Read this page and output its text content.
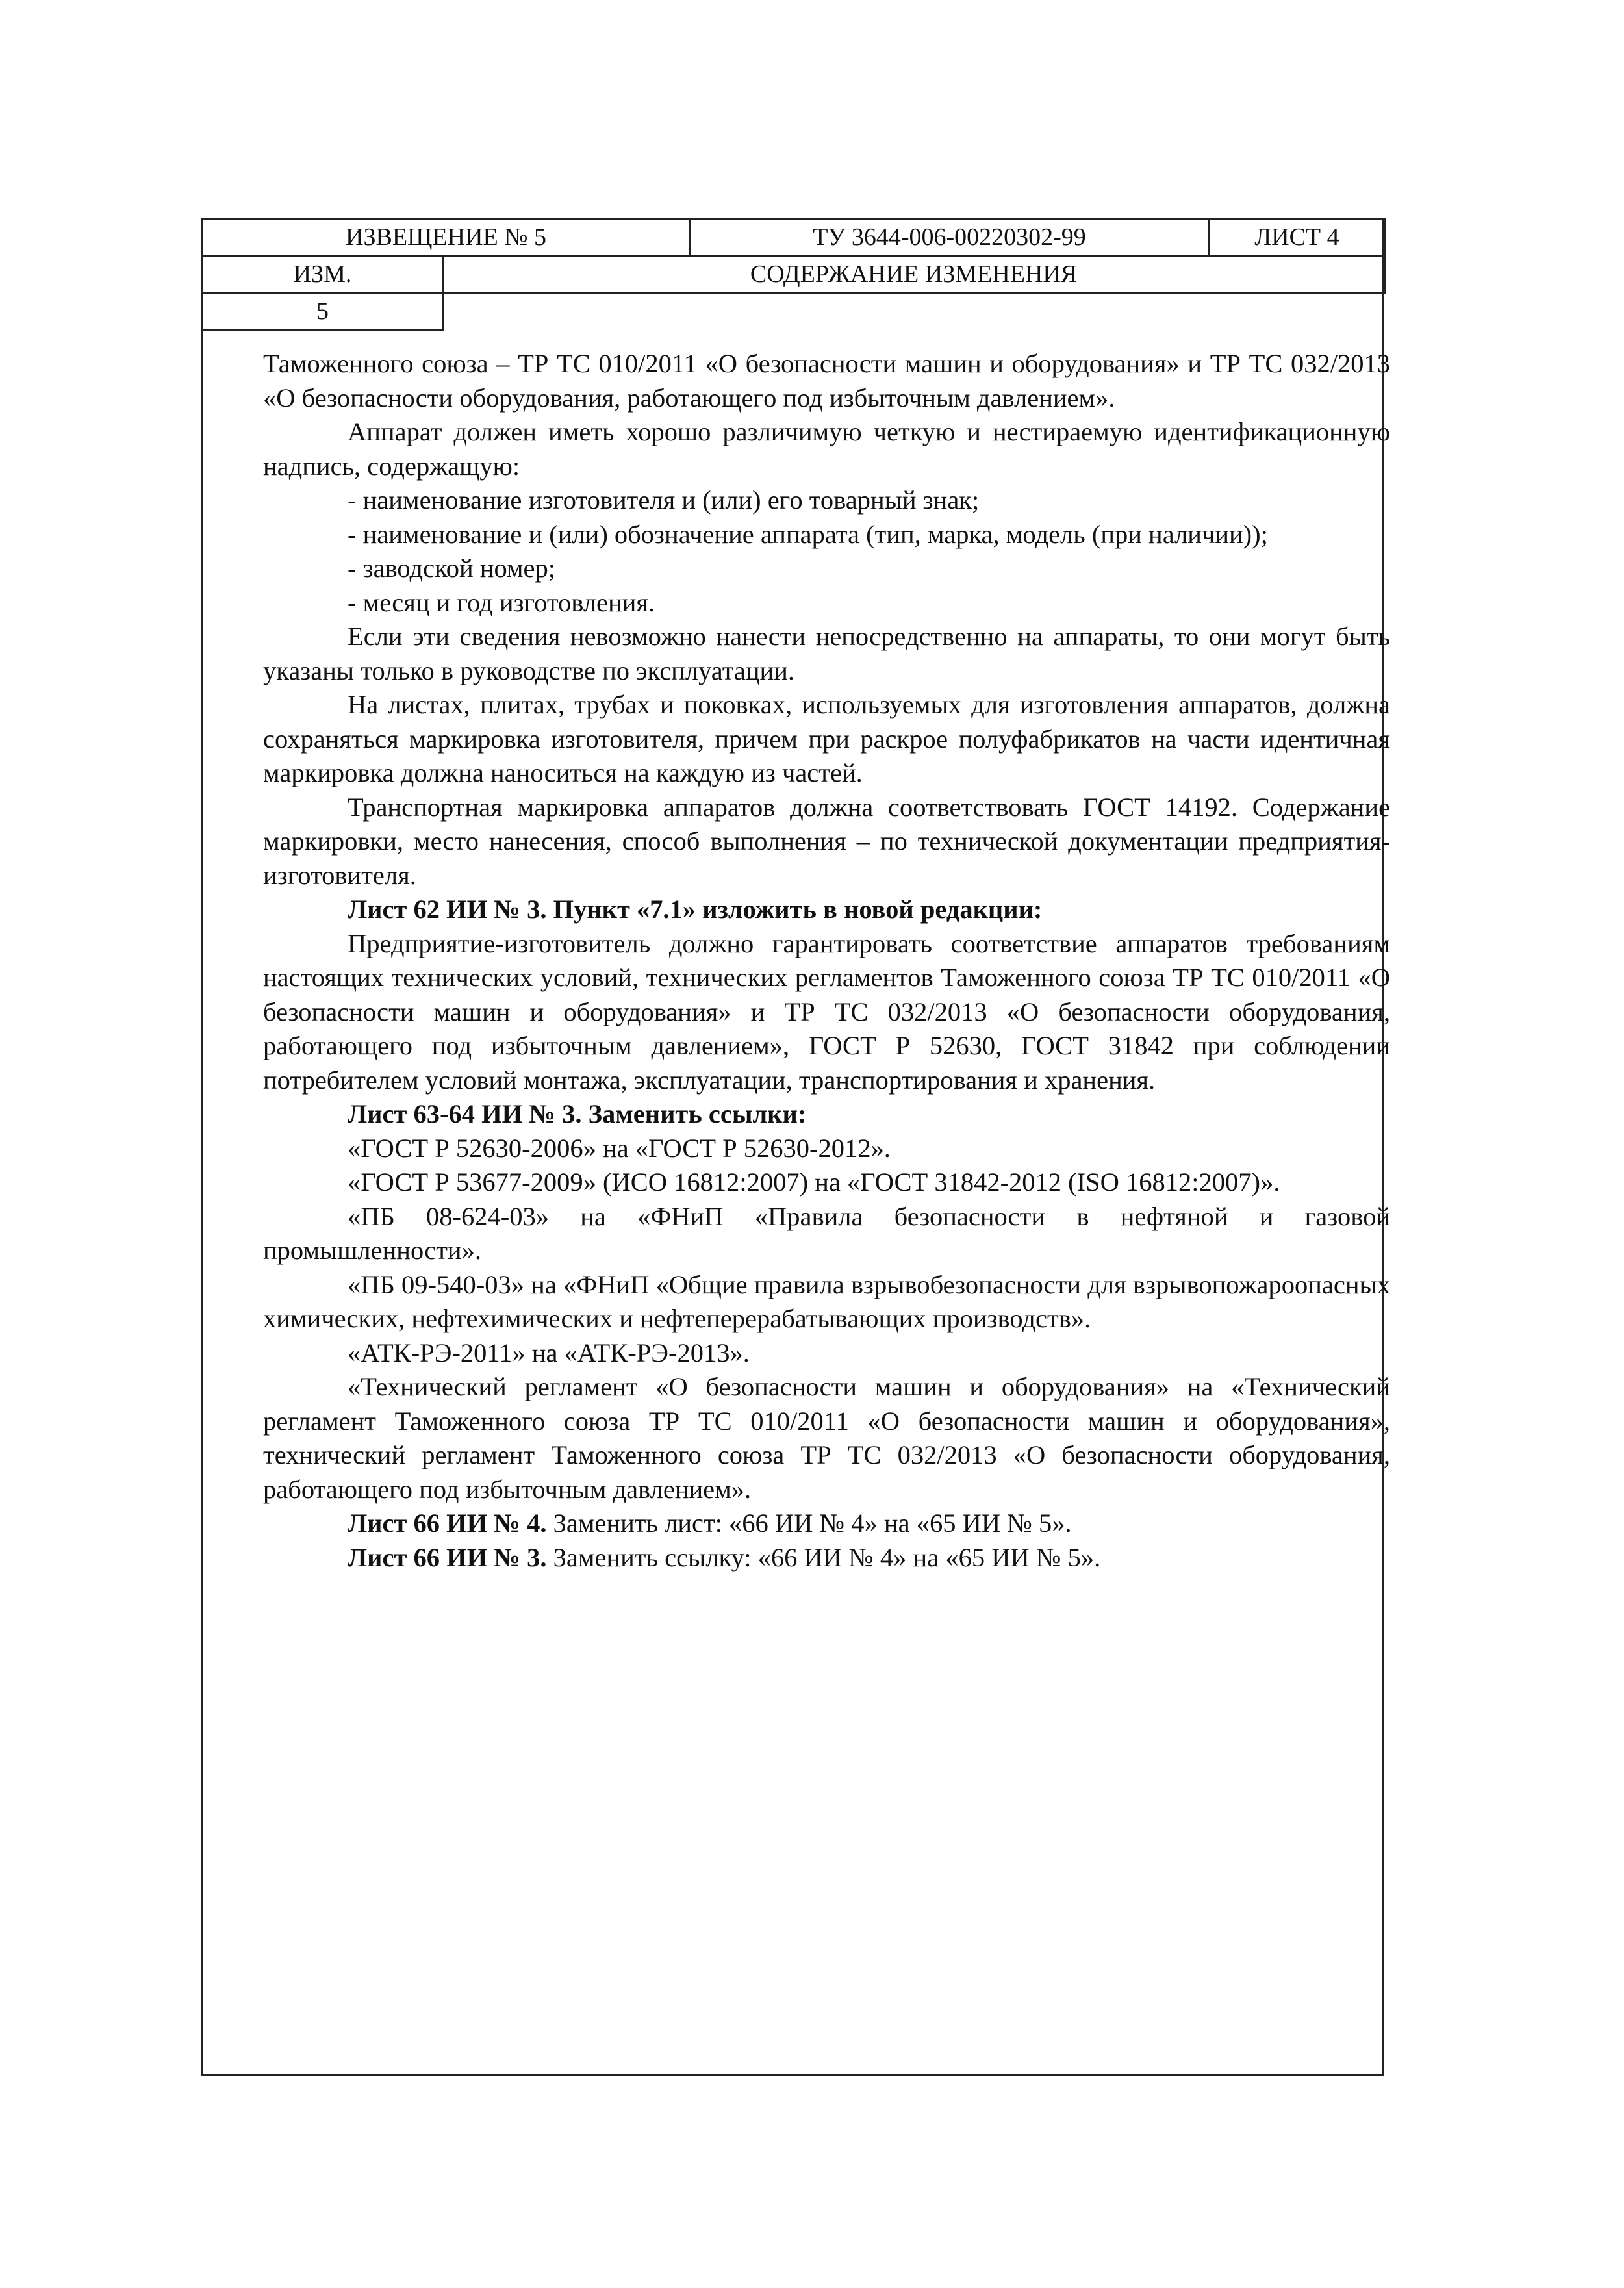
ИЗВЕЩЕНИЕ № 5		ТУ 3644-006-00220302-99	ЛИСТ 4
ИЗМ.	СОДЕРЖАНИЕ ИЗМЕНЕНИЯ		
5			

Таможенного союза – ТР ТС 010/2011 «О безопасности машин и оборудования» и ТР ТС 032/2013 «О безопасности оборудования, работающего под избыточным давлением».

Аппарат должен иметь хорошо различимую четкую и нестираемую идентификационную надпись, содержащую:

- наименование изготовителя и (или) его товарный знак;

- наименование и (или) обозначение аппарата (тип, марка, модель (при наличии));

- заводской номер;

- месяц и год изготовления.

Если эти сведения невозможно нанести непосредственно на аппараты, то они могут быть указаны только в руководстве по эксплуатации.

На листах, плитах, трубах и поковках, используемых для изготовления аппаратов, должна сохраняться маркировка изготовителя, причем при раскрое полуфабрикатов на части идентичная маркировка должна наноситься на каждую из частей.

Транспортная маркировка аппаратов должна соответствовать ГОСТ 14192. Содержание маркировки, место нанесения, способ выполнения – по технической документации предприятия-изготовителя.

Лист 62 ИИ № 3. Пункт «7.1» изложить в новой редакции:

Предприятие-изготовитель должно гарантировать соответствие аппаратов требованиям настоящих технических условий, технических регламентов Таможенного союза ТР ТС 010/2011 «О безопасности машин и оборудования» и ТР ТС 032/2013 «О безопасности оборудования, работающего под избыточным давлением», ГОСТ Р 52630, ГОСТ 31842 при соблюдении потребителем условий монтажа, эксплуатации, транспортирования и хранения.

Лист 63-64 ИИ № 3. Заменить ссылки:

«ГОСТ Р 52630-2006» на «ГОСТ Р 52630-2012».

«ГОСТ Р 53677-2009» (ИСО 16812:2007) на «ГОСТ 31842-2012 (ISO 16812:2007)».

«ПБ 08-624-03» на «ФНиП «Правила безопасности в нефтяной и газовой промышленности».

«ПБ 09-540-03» на «ФНиП «Общие правила взрывобезопасности для взрывопожароопасных химических, нефтехимических и нефтеперерабатывающих производств».

«АТК-РЭ-2011» на «АТК-РЭ-2013».

«Технический регламент «О безопасности машин и оборудования» на «Технический регламент Таможенного союза ТР ТС 010/2011 «О безопасности машин и оборудования», технический регламент Таможенного союза ТР ТС 032/2013 «О безопасности оборудования, работающего под избыточным давлением».

Лист 66 ИИ № 4. Заменить лист: «66 ИИ № 4» на «65 ИИ № 5».

Лист 66 ИИ № 3. Заменить ссылку: «66 ИИ № 4» на «65 ИИ № 5».
